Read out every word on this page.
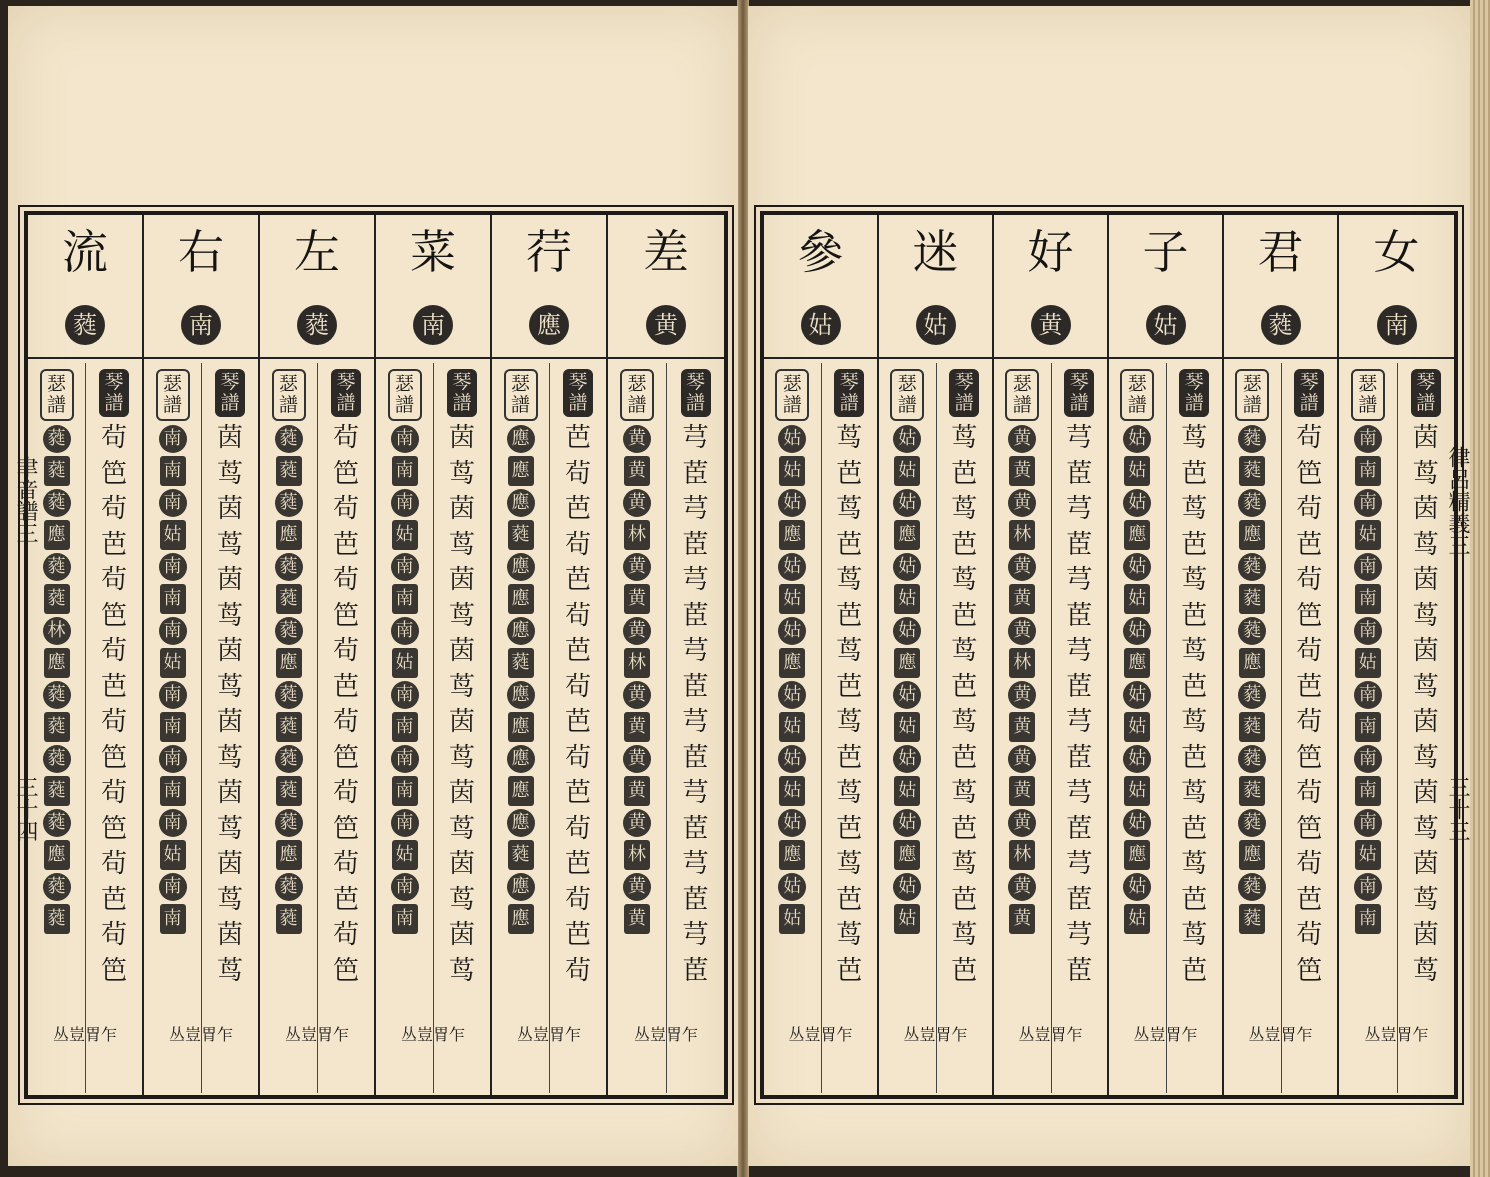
聿音譜三
三十四
流
蕤
瑟譜
蕤
蕤
蕤
應
蕤
蕤
林
應
蕤
蕤
蕤
蕤
蕤
應
蕤
蕤
琴譜
茍
笆
茍
芭
茍
笆
茍
芭
茍
笆
茍
笆
茍
芭
茍
笆
丛豈胃乍
右
南
瑟譜
南
南
南
姑
南
南
南
姑
南
南
南
南
南
姑
南
南
琴譜
茵
茑
茵
茑
茵
茑
茵
茑
茵
茑
茵
茑
茵
茑
茵
茑
丛豈胃乍
左
蕤
瑟譜
蕤
蕤
蕤
應
蕤
蕤
蕤
應
蕤
蕤
蕤
蕤
蕤
應
蕤
蕤
琴譜
茍
笆
茍
芭
茍
笆
茍
芭
茍
笆
茍
笆
茍
芭
茍
笆
丛豈胃乍
菜
南
瑟譜
南
南
南
姑
南
南
南
姑
南
南
南
南
南
姑
南
南
琴譜
茵
茑
茵
茑
茵
茑
茵
茑
茵
茑
茵
茑
茵
茑
茵
茑
丛豈胃乍
荇
應
瑟譜
應
應
應
蕤
應
應
應
蕤
應
應
應
應
應
蕤
應
應
琴譜
芭
茍
芭
茍
芭
茍
芭
茍
芭
茍
芭
茍
芭
茍
芭
茍
丛豈胃乍
差
黄
瑟譜
黄
黄
黄
林
黄
黄
黄
林
黄
黄
黄
黄
黄
林
黄
黄
琴譜
芎
茞
芎
茞
芎
茞
芎
茞
芎
茞
芎
茞
芎
茞
芎
茞
丛豈胃乍
律呂精義三
三十三
參
姑
瑟譜
姑
姑
姑
應
姑
姑
姑
應
姑
姑
姑
姑
姑
應
姑
姑
琴譜
茑
芭
茑
芭
茑
芭
茑
芭
茑
芭
茑
芭
茑
芭
茑
芭
丛豈胃乍
迷
姑
瑟譜
姑
姑
姑
應
姑
姑
姑
應
姑
姑
姑
姑
姑
應
姑
姑
琴譜
茑
芭
茑
芭
茑
芭
茑
芭
茑
芭
茑
芭
茑
芭
茑
芭
丛豈胃乍
好
黄
瑟譜
黄
黄
黄
林
黄
黄
黄
林
黄
黄
黄
黄
黄
林
黄
黄
琴譜
芎
茞
芎
茞
芎
茞
芎
茞
芎
茞
芎
茞
芎
茞
芎
茞
丛豈胃乍
子
姑
瑟譜
姑
姑
姑
應
姑
姑
姑
應
姑
姑
姑
姑
姑
應
姑
姑
琴譜
茑
芭
茑
芭
茑
芭
茑
芭
茑
芭
茑
芭
茑
芭
茑
芭
丛豈胃乍
君
蕤
瑟譜
蕤
蕤
蕤
應
蕤
蕤
蕤
應
蕤
蕤
蕤
蕤
蕤
應
蕤
蕤
琴譜
茍
笆
茍
芭
茍
笆
茍
芭
茍
笆
茍
笆
茍
芭
茍
笆
丛豈胃乍
女
南
瑟譜
南
南
南
姑
南
南
南
姑
南
南
南
南
南
姑
南
南
琴譜
茵
茑
茵
茑
茵
茑
茵
茑
茵
茑
茵
茑
茵
茑
茵
茑
丛豈胃乍
